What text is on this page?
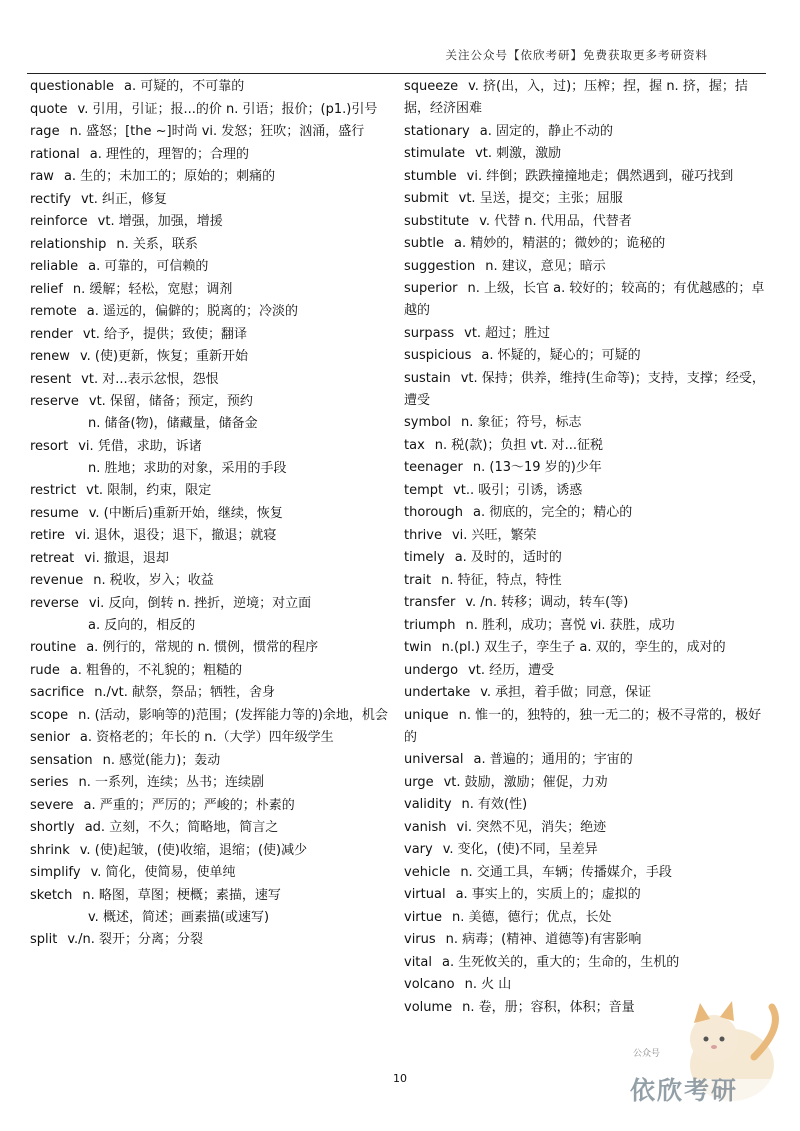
关注公众号【依欣考研】免费获取更多考研资料
questionable a. 可疑的，不可靠的
quote v. 引用，引证；报...的价 n. 引语；报价；(p1.)引号
rage n. 盛怒；[the ~]时尚 vi. 发怒；狂吹；汹涌，盛行
rational a. 理性的，理智的；合理的
raw a. 生的；未加工的；原始的；刺痛的
rectify vt. 纠正，修复
reinforce vt. 增强，加强，增援
relationship n. 关系，联系
reliable a. 可靠的，可信赖的
relief n. 缓解；轻松，宽慰；调剂
remote a. 遥远的，偏僻的；脱离的；冷淡的
render vt. 给予，提供；致使；翻译
renew v. (使)更新，恢复；重新开始
resent vt. 对...表示忿恨，怨恨
reserve vt. 保留，储备；预定，预约
n. 储备(物)，储藏量，储备金
resort vi. 凭借，求助，诉诸
n. 胜地；求助的对象，采用的手段
restrict vt. 限制，约束，限定
resume v. (中断后)重新开始，继续，恢复
retire vi. 退休，退役；退下，撤退；就寝
retreat vi. 撤退，退却
revenue n. 税收，岁入；收益
reverse vi. 反向，倒转 n. 挫折，逆境；对立面
a. 反向的，相反的
routine a. 例行的，常规的 n. 惯例，惯常的程序
rude a. 粗鲁的，不礼貌的；粗糙的
sacrifice n./vt. 献祭，祭品；牺牲，舍身
scope n. (活动，影响等的)范围；(发挥能力等的)余地，机会
senior a. 资格老的；年长的 n.（大学）四年级学生
sensation n. 感觉(能力)；轰动
series n. 一系列，连续；丛书；连续剧
severe a. 严重的；严厉的；严峻的；朴素的
shortly ad. 立刻，不久；简略地，简言之
shrink v. (使)起皱，(使)收缩，退缩；(使)减少
simplify v. 简化，使简易，使单纯
sketch n. 略图，草图；梗概；素描，速写
v. 概述，简述；画素描(或速写)
split v./n. 裂开；分离；分裂
squeeze v. 挤(出，入，过)；压榨；捏，握 n. 挤，握；拮据，经济困难
stationary a. 固定的，静止不动的
stimulate vt. 刺激，激励
stumble vi. 绊倒；跌跌撞撞地走；偶然遇到，碰巧找到
submit vt. 呈送，提交；主张；屈服
substitute v. 代替 n. 代用品，代替者
subtle a. 精妙的，精湛的；微妙的；诡秘的
suggestion n. 建议，意见；暗示
superior n. 上级，长官 a. 较好的；较高的；有优越感的；卓越的
surpass vt. 超过；胜过
suspicious a. 怀疑的，疑心的；可疑的
sustain vt. 保持；供养，维持(生命等)；支持，支撑；经受，遭受
symbol n. 象征；符号，标志
tax n. 税(款)；负担 vt. 对...征税
teenager n. (13～19 岁的)少年
tempt vt.. 吸引；引诱，诱惑
thorough a. 彻底的，完全的；精心的
thrive vi. 兴旺，繁荣
timely a. 及时的，适时的
trait n. 特征，特点，特性
transfer v. /n. 转移；调动，转车(等)
triumph n. 胜利，成功；喜悦 vi. 获胜，成功
twin n.(pl.) 双生子，孪生子 a. 双的，孪生的，成对的
undergo vt. 经历，遭受
undertake v. 承担，着手做；同意，保证
unique n. 惟一的，独特的，独一无二的；极不寻常的，极好的
universal a. 普遍的；通用的；宇宙的
urge vt. 鼓励，激励；催促，力劝
validity n. 有效(性)
vanish vi. 突然不见，消失；绝迹
vary v. 变化，(使)不同，呈差异
vehicle n. 交通工具，车辆；传播媒介，手段
virtual a. 事实上的，实质上的；虚拟的
virtue n. 美德，德行；优点，长处
virus n. 病毒；(精神、道德等)有害影响
vital a. 生死攸关的，重大的；生命的，生机的
volcano n. 火 山
volume n. 卷，册；容积，体积；音量
10
公众号
依欣考研
